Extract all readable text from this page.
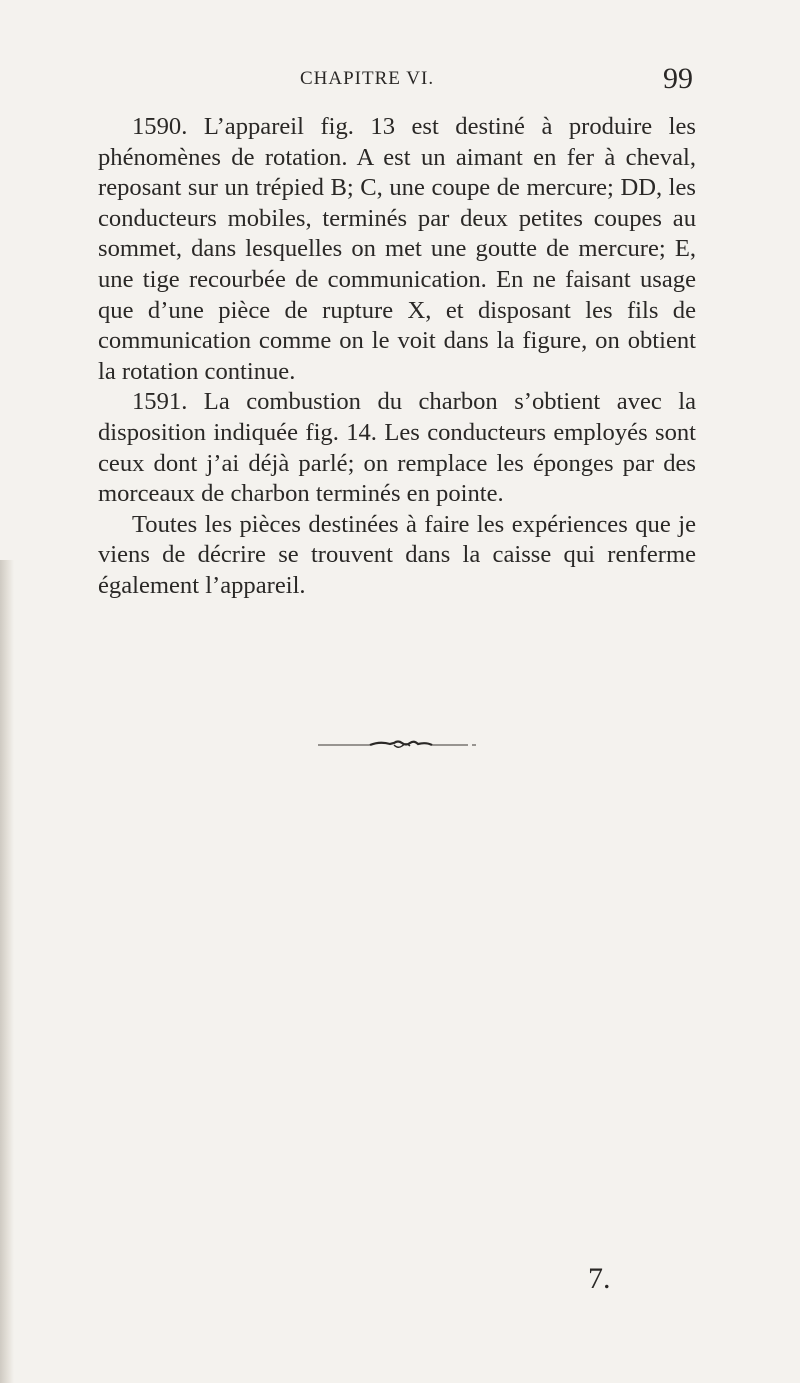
CHAPITRE VI.	99

1590. L’appareil fig. 13 est destiné à produire les phénomènes de rotation. A est un aimant en fer à cheval, reposant sur un trépied B; C, une coupe de mercure; DD, les conducteurs mobiles, terminés par deux petites coupes au sommet, dans lesquelles on met une goutte de mercure; E, une tige recourbée de communication. En ne faisant usage que d’une pièce de rupture X, et disposant les fils de communication comme on le voit dans la figure, on obtient la rotation continue.

1591. La combustion du charbon s’obtient avec la disposition indiquée fig. 14. Les conducteurs employés sont ceux dont j’ai déjà parlé; on remplace les éponges par des morceaux de charbon terminés en pointe.

Toutes les pièces destinées à faire les expériences que je viens de décrire se trouvent dans la caisse qui renferme également l’appareil.

7.
